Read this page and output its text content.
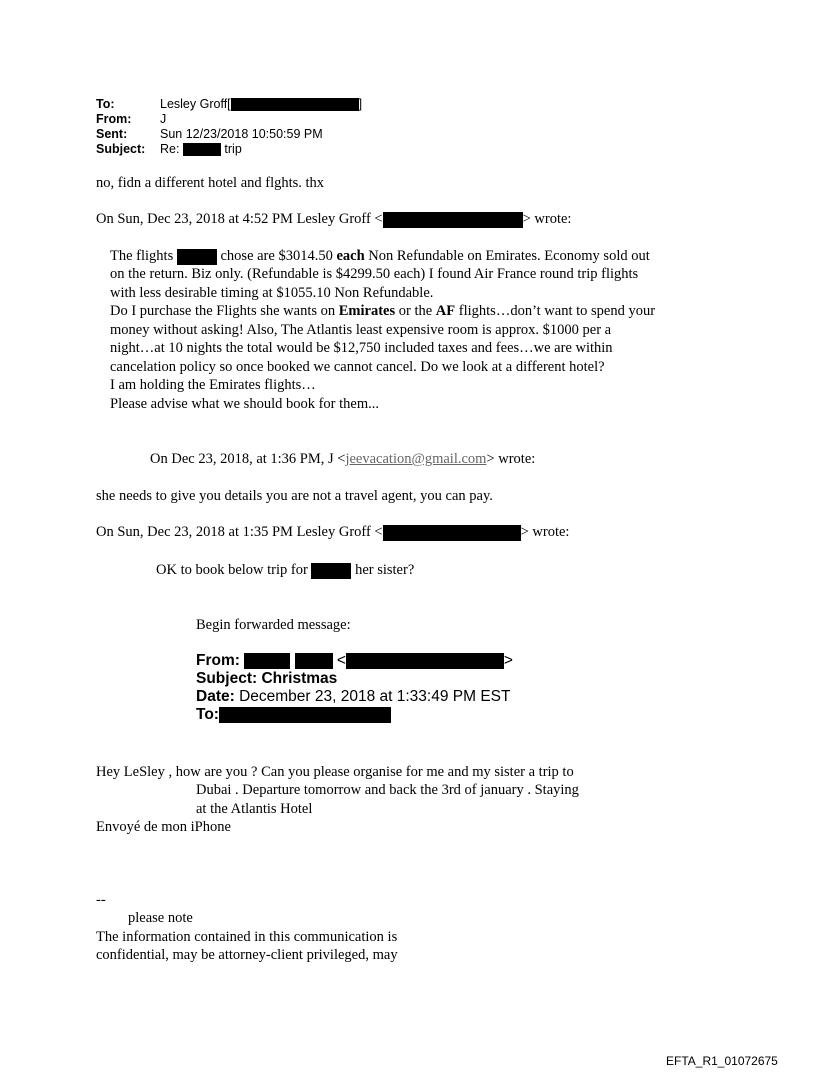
To:	Lesley Groff[	]
From: J
Sent:	Sun 12/23/2018 10:50:59 PM
Subject: Re:	trip
no, fidn a different hotel and flghts. thx
On Sun, Dec 23, 2018 at 4:52 PM Lesley Groff <	> wrote:
The flights	chose are $3014.50 each Non Refundable on Emirates. Economy sold out
on the return. Biz only. (Refundable is $4299.50 each) I found Air France round trip flights
with less desirable timing at $1055.10 Non Refundable.
Do I purchase the Flights she wants on Emirates or the AF flights…don’t want to spend your
money without asking! Also, The Atlantis least expensive room is approx. $1000 per a
night…at 10 nights the total would be $12,750 included taxes and fees…we are within
cancelation policy so once booked we cannot cancel. Do we look at a different hotel?
I am holding the Emirates flights…
Please advise what we should book for them...
On Dec 23, 2018, at 1:36 PM, J <jeevacation@gmail.com> wrote:
she needs to give you details you are not a travel agent, you can pay.
On Sun, Dec 23, 2018 at 1:35 PM Lesley Groff <	> wrote:
OK to book below trip for	her sister?
Begin forwarded message:
From:	<	>
Subject: Christmas
Date: December 23, 2018 at 1:33:49 PM EST
To:
Hey LeSley , how are you ? Can you please organise for me and my sister a trip to
Dubai . Departure tomorrow and back the 3rd of january . Staying
at the Atlantis Hotel
Envoyé de mon iPhone
--
please note
The information contained in this communication is
confidential, may be attorney-client privileged, may
EFTA_R1_01072675
